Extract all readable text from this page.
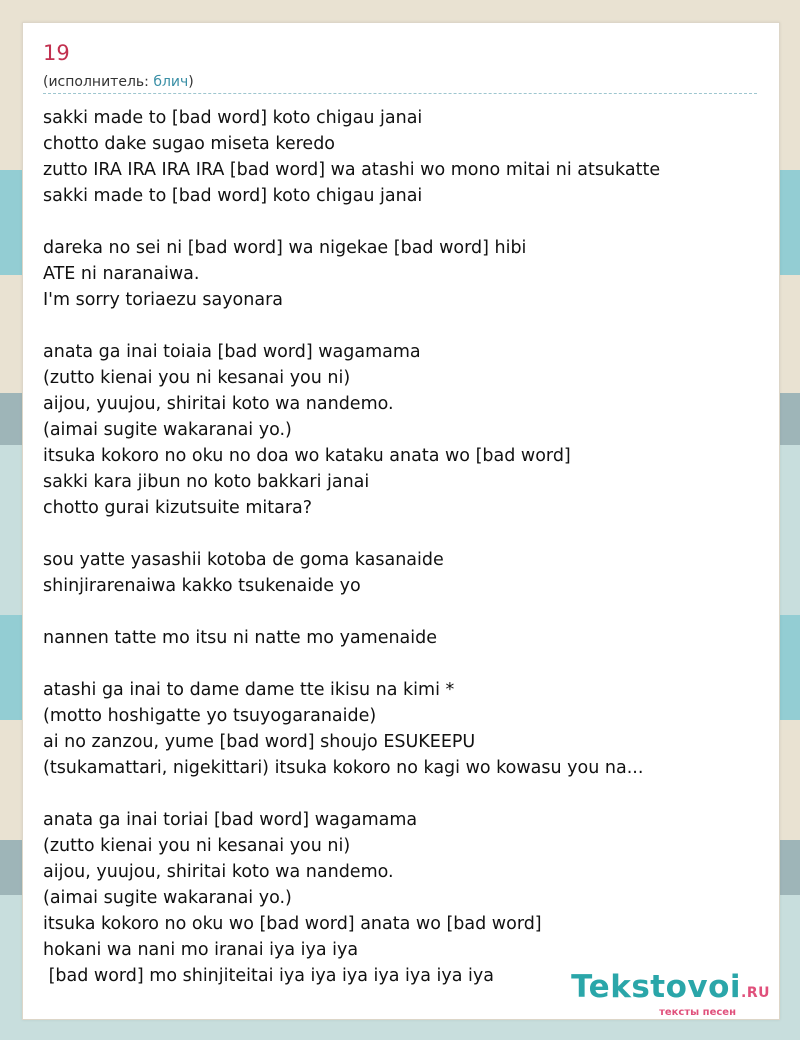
19
(исполнитель: блич)
sakki made to [bad word] koto chigau janai
chotto dake sugao miseta keredo
zutto IRA IRA IRA IRA [bad word] wa atashi wo mono mitai ni atsukatte
sakki made to [bad word] koto chigau janai
dareka no sei ni [bad word] wa nigekae [bad word] hibi
ATE ni naranaiwa.
I'm sorry toriaezu sayonara
anata ga inai toiaia [bad word] wagamama
(zutto kienai you ni kesanai you ni)
aijou, yuujou, shiritai koto wa nandemo.
(aimai sugite wakaranai yo.)
itsuka kokoro no oku no doa wo kataku anata wo [bad word]
sakki kara jibun no koto bakkari janai
chotto gurai kizutsuite mitara?
sou yatte yasashii kotoba de goma kasanaide
shinjirarenaiwa kakko tsukenaide yo
nannen tatte mo itsu ni natte mo yamenaide
atashi ga inai to dame dame tte ikisu na kimi *
(motto hoshigatte yo tsuyogaranaide)
ai no zanzou, yume [bad word] shoujo ESUKEEPU
(tsukamattari, nigekittari) itsuka kokoro no kagi wo kowasu you na...
anata ga inai toriai [bad word] wagamama
(zutto kienai you ni kesanai you ni)
aijou, yuujou, shiritai koto wa nandemo.
(aimai sugite wakaranai yo.)
itsuka kokoro no oku wo [bad word] anata wo [bad word]
hokani wa nani mo iranai iya iya iya
[bad word] mo shinjiteitai iya iya iya iya iya iya iya	Tekstovoi.RU
тексты песен
